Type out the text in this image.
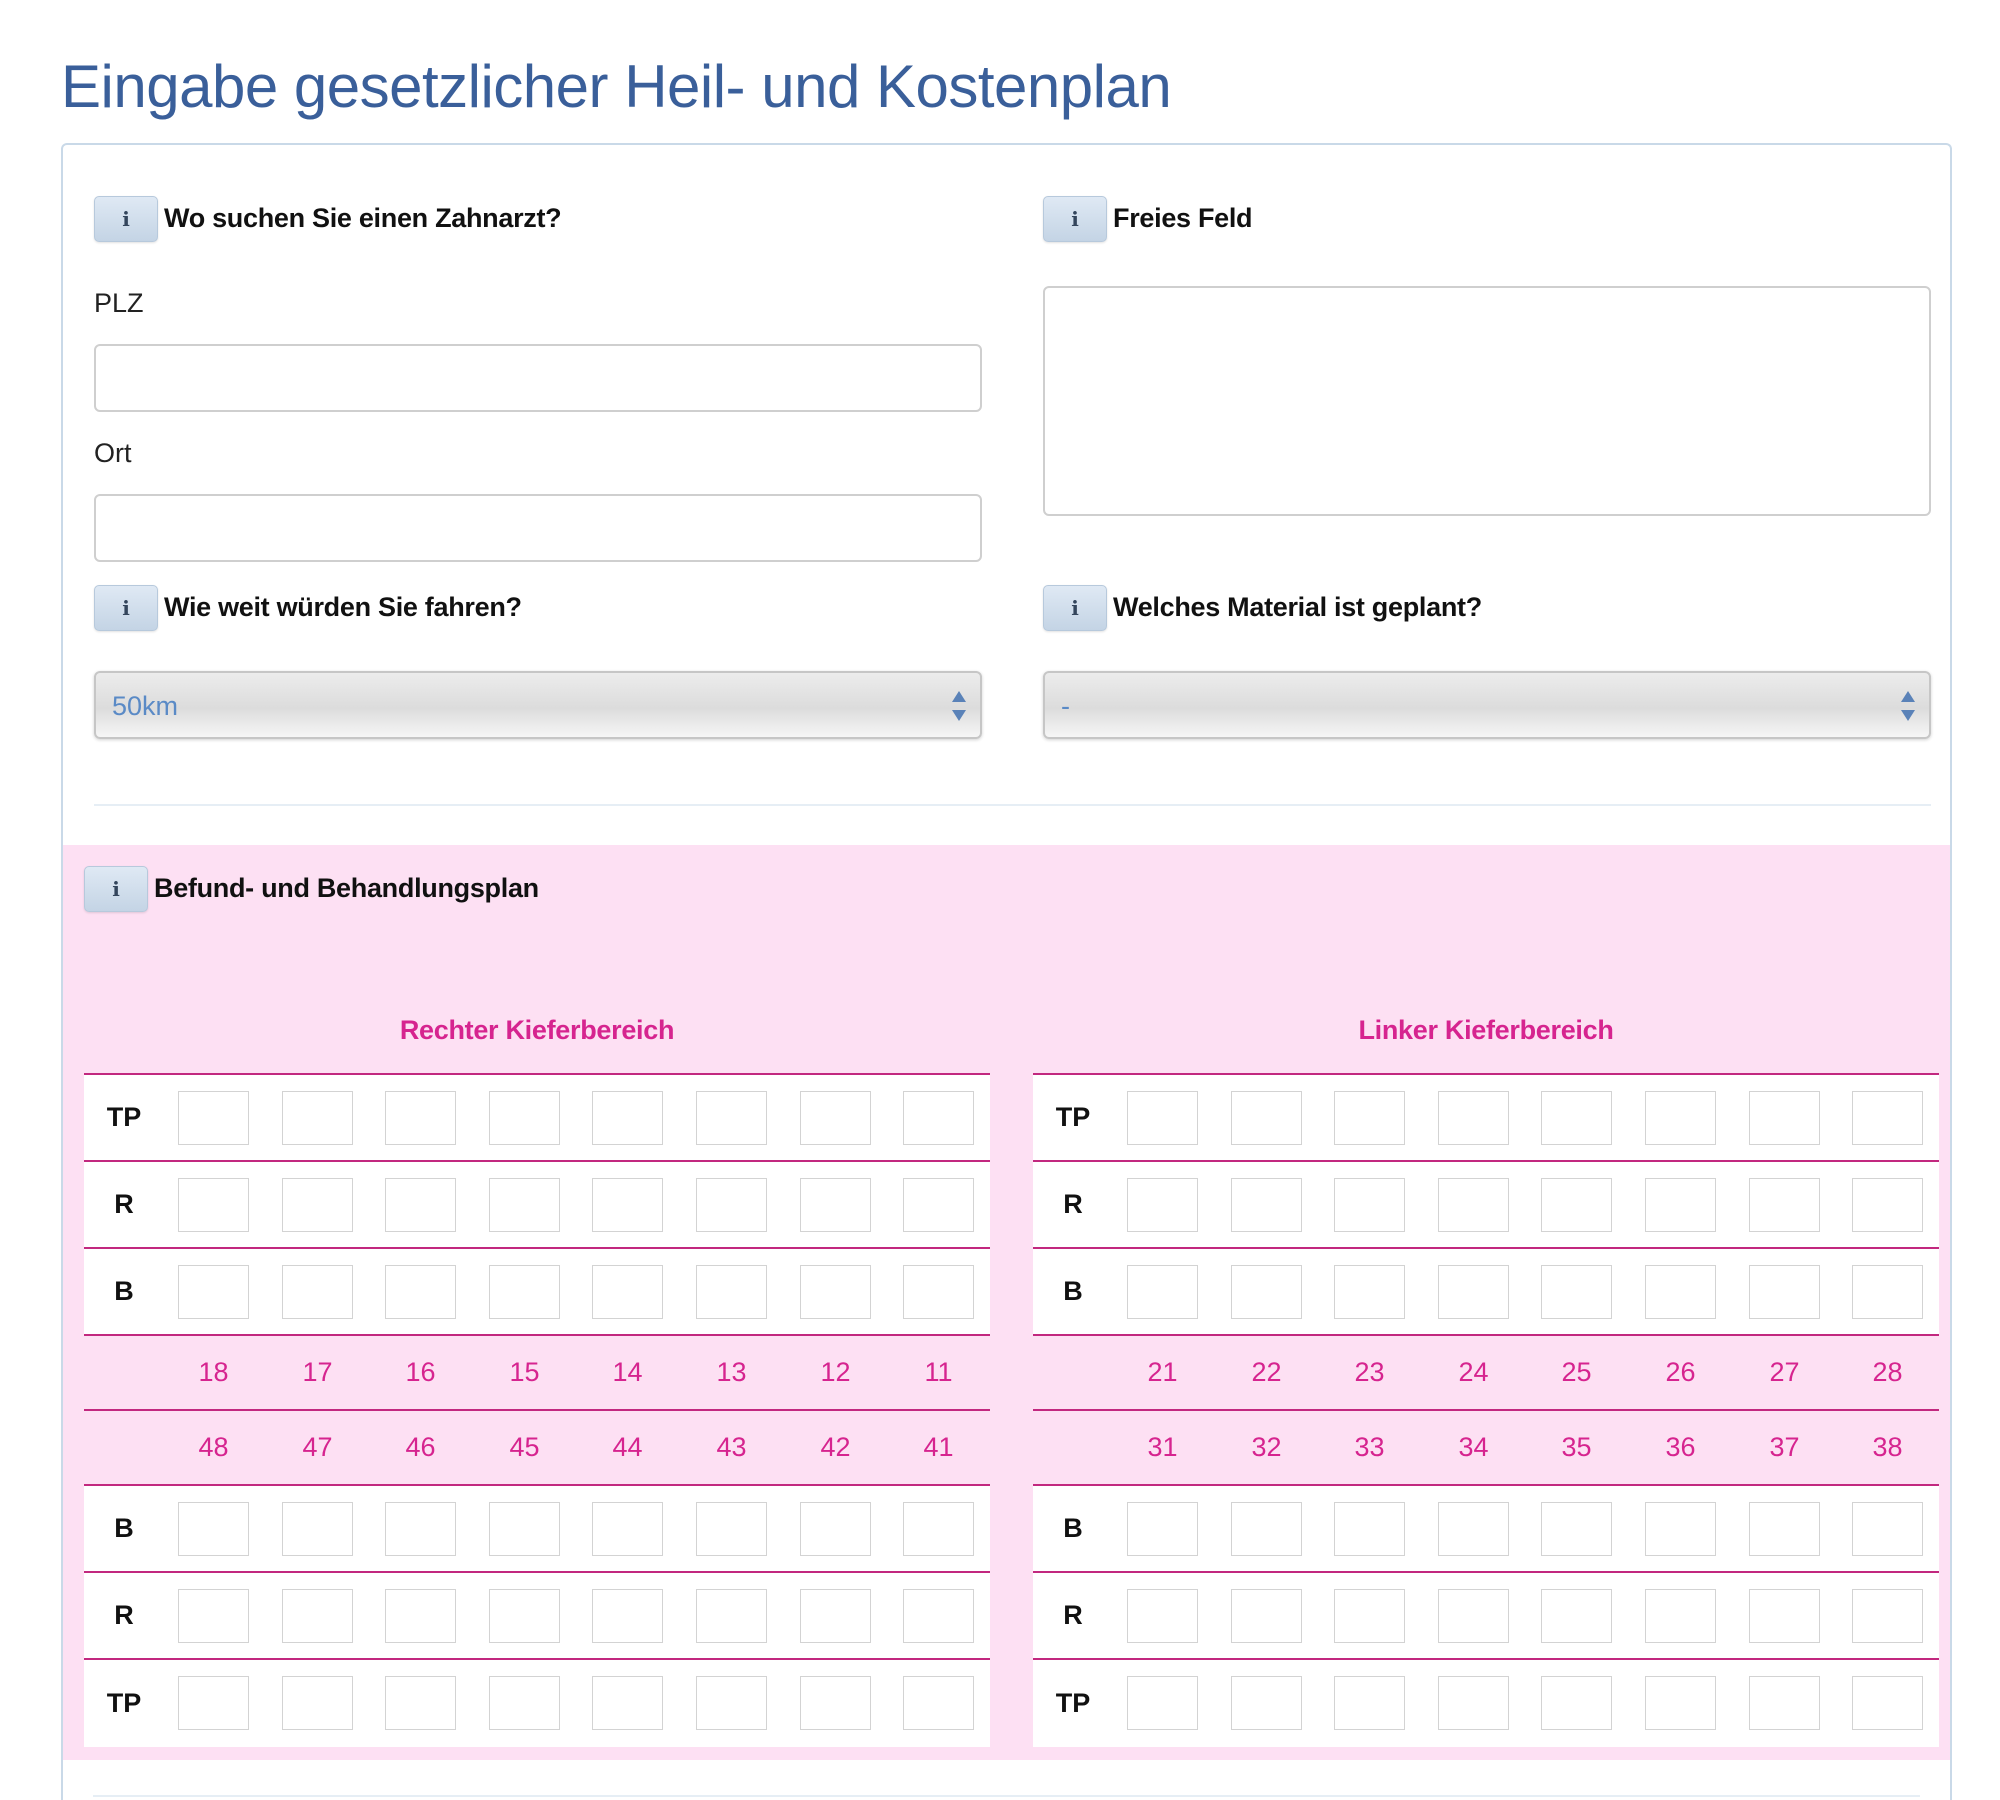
Eingabe gesetzlicher Heil- und Kostenplan
i Wo suchen Sie einen Zahnarzt?
PLZ
Ort
i Freies Feld
i Wie weit würden Sie fahren?
50km
i Welches Material ist geplant?
-
i Befund- und Behandlungsplan
Rechter Kieferbereich
TP
R
B
18	17	16	15	14	13	12	11
48	47	46	45	44	43	42	41
B
R
TP
Linker Kieferbereich
TP
R
B
21	22	23	24	25	26	27	28
31	32	33	34	35	36	37	38
B
R
TP
